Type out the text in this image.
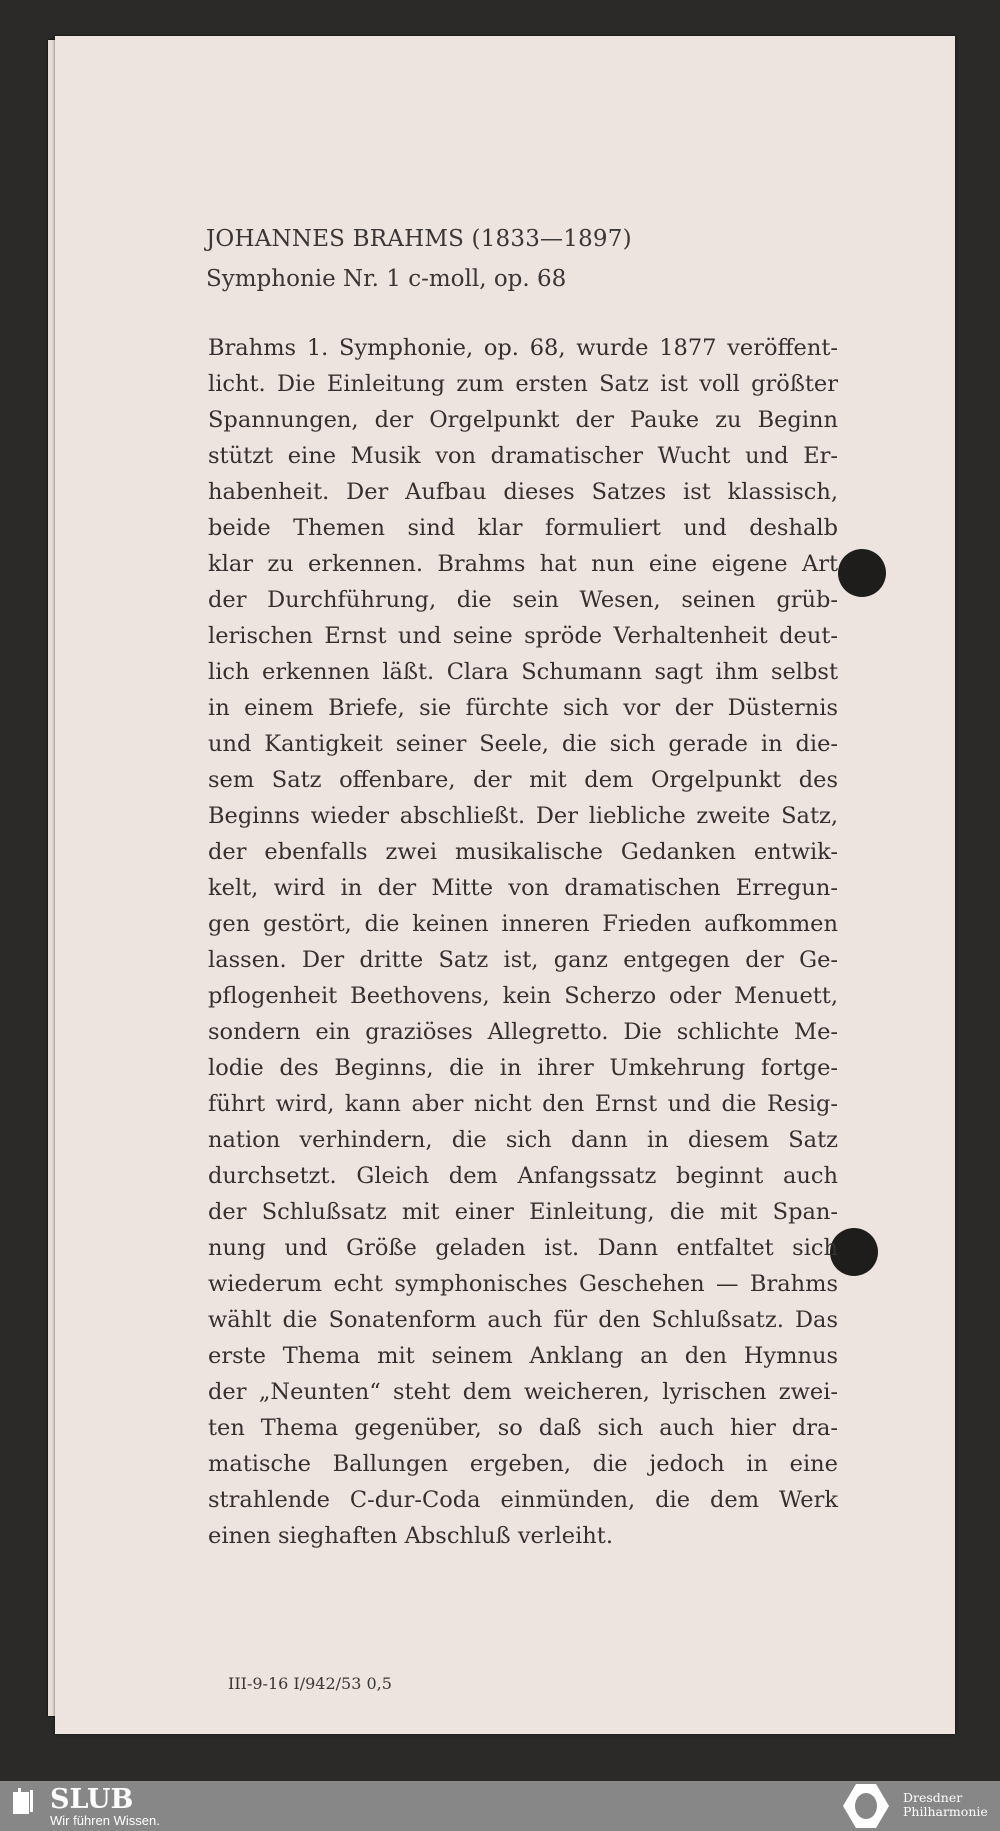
JOHANNES BRAHMS (1833—1897)
Symphonie Nr. 1 c-moll, op. 68
Brahms 1. Symphonie, op. 68, wurde 1877 veröffent-
licht. Die Einleitung zum ersten Satz ist voll größter
Spannungen, der Orgelpunkt der Pauke zu Beginn
stützt eine Musik von dramatischer Wucht und Er-
habenheit. Der Aufbau dieses Satzes ist klassisch,
beide Themen sind klar formuliert und deshalb
klar zu erkennen. Brahms hat nun eine eigene Art
der Durchführung, die sein Wesen, seinen grüb-
lerischen Ernst und seine spröde Verhaltenheit deut-
lich erkennen läßt. Clara Schumann sagt ihm selbst
in einem Briefe, sie fürchte sich vor der Düsternis
und Kantigkeit seiner Seele, die sich gerade in die-
sem Satz offenbare, der mit dem Orgelpunkt des
Beginns wieder abschließt. Der liebliche zweite Satz,
der ebenfalls zwei musikalische Gedanken entwik-
kelt, wird in der Mitte von dramatischen Erregun-
gen gestört, die keinen inneren Frieden aufkommen
lassen. Der dritte Satz ist, ganz entgegen der Ge-
pflogenheit Beethovens, kein Scherzo oder Menuett,
sondern ein graziöses Allegretto. Die schlichte Me-
lodie des Beginns, die in ihrer Umkehrung fortge-
führt wird, kann aber nicht den Ernst und die Resig-
nation verhindern, die sich dann in diesem Satz
durchsetzt. Gleich dem Anfangssatz beginnt auch
der Schlußsatz mit einer Einleitung, die mit Span-
nung und Größe geladen ist. Dann entfaltet sich
wiederum echt symphonisches Geschehen — Brahms
wählt die Sonatenform auch für den Schlußsatz. Das
erste Thema mit seinem Anklang an den Hymnus
der „Neunten“ steht dem weicheren, lyrischen zwei-
ten Thema gegenüber, so daß sich auch hier dra-
matische Ballungen ergeben, die jedoch in eine
strahlende C-dur-Coda einmünden, die dem Werk
einen sieghaften Abschluß verleiht.
III-9-16 I/942/53 0,5
SLUB
Wir führen Wissen.
Dresdner
Philharmonie
